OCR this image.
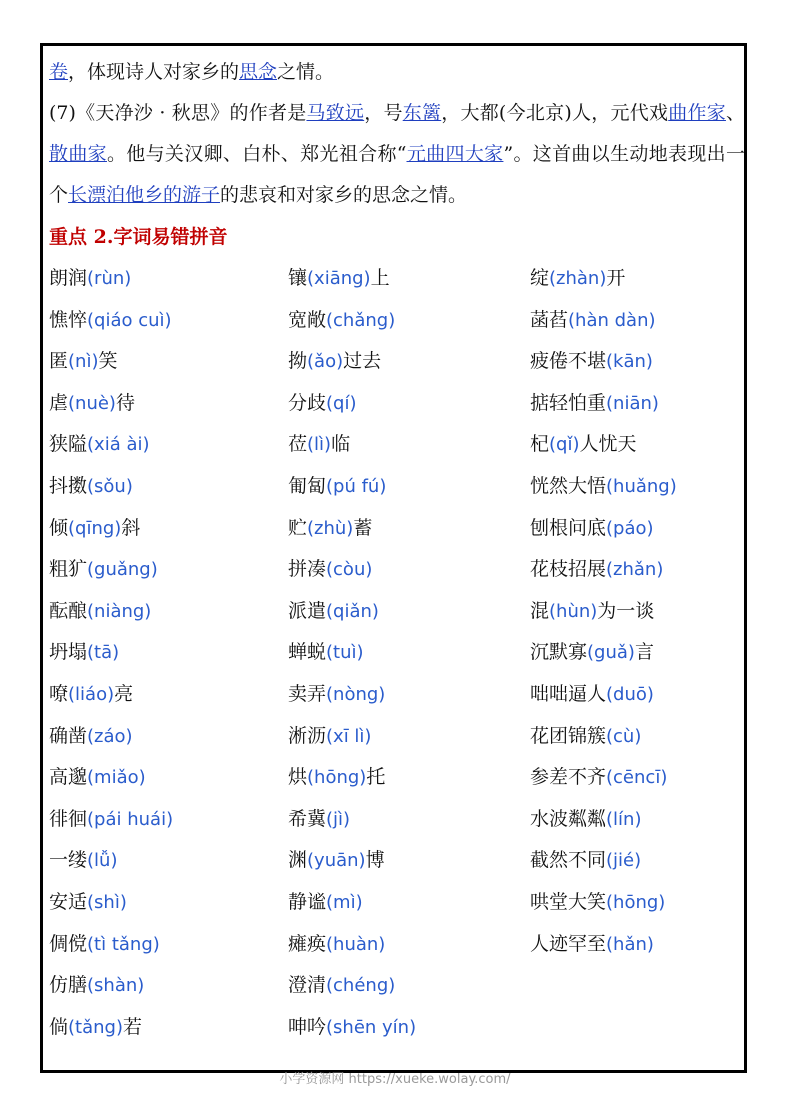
卷，体现诗人对家乡的思念之情。

(7)《天净沙 · 秋思》的作者是马致远，号东篱，大都(今北京)人，元代戏曲作家、散曲家。他与关汉卿、白朴、郑光祖合称“元曲四大家”。这首曲以生动地表现出一个长漂泊他乡的游子的悲哀和对家乡的思念之情。

重点 2.字词易错拼音

朗润(rùn)	镶(xiāng)上	绽(zhàn)开
憔悴(qiáo cuì)	宽敞(chǎng)	菡萏(hàn dàn)
匿(nì)笑	拗(ǎo)过去	疲倦不堪(kān)
虐(nuè)待	分歧(qí)	掂轻怕重(niān)
狭隘(xiá ài)	莅(lì)临	杞(qǐ)人忧天
抖擞(sǒu)	匍匐(pú fú)	恍然大悟(huǎng)
倾(qīng)斜	贮(zhù)蓄	刨根问底(páo)
粗犷(guǎng)	拼凑(còu)	花枝招展(zhǎn)
酝酿(niàng)	派遣(qiǎn)	混(hùn)为一谈
坍塌(tā)	蝉蜕(tuì)	沉默寡(guǎ)言
嘹(liáo)亮	卖弄(nòng)	咄咄逼人(duō)
确凿(záo)	淅沥(xī lì)	花团锦簇(cù)
高邈(miǎo)	烘(hōng)托	参差不齐(cēncī)
徘徊(pái huái)	希冀(jì)	水波粼粼(lín)
一缕(lǚ)	渊(yuān)博	截然不同(jié)
安适(shì)	静谧(mì)	哄堂大笑(hōng)
倜傥(tì tǎng)	瘫痪(huàn)	人迹罕至(hǎn)
仿膳(shàn)	澄清(chéng)
倘(tǎng)若	呻吟(shēn yín)
小学资源网 https://xueke.wolay.com/
